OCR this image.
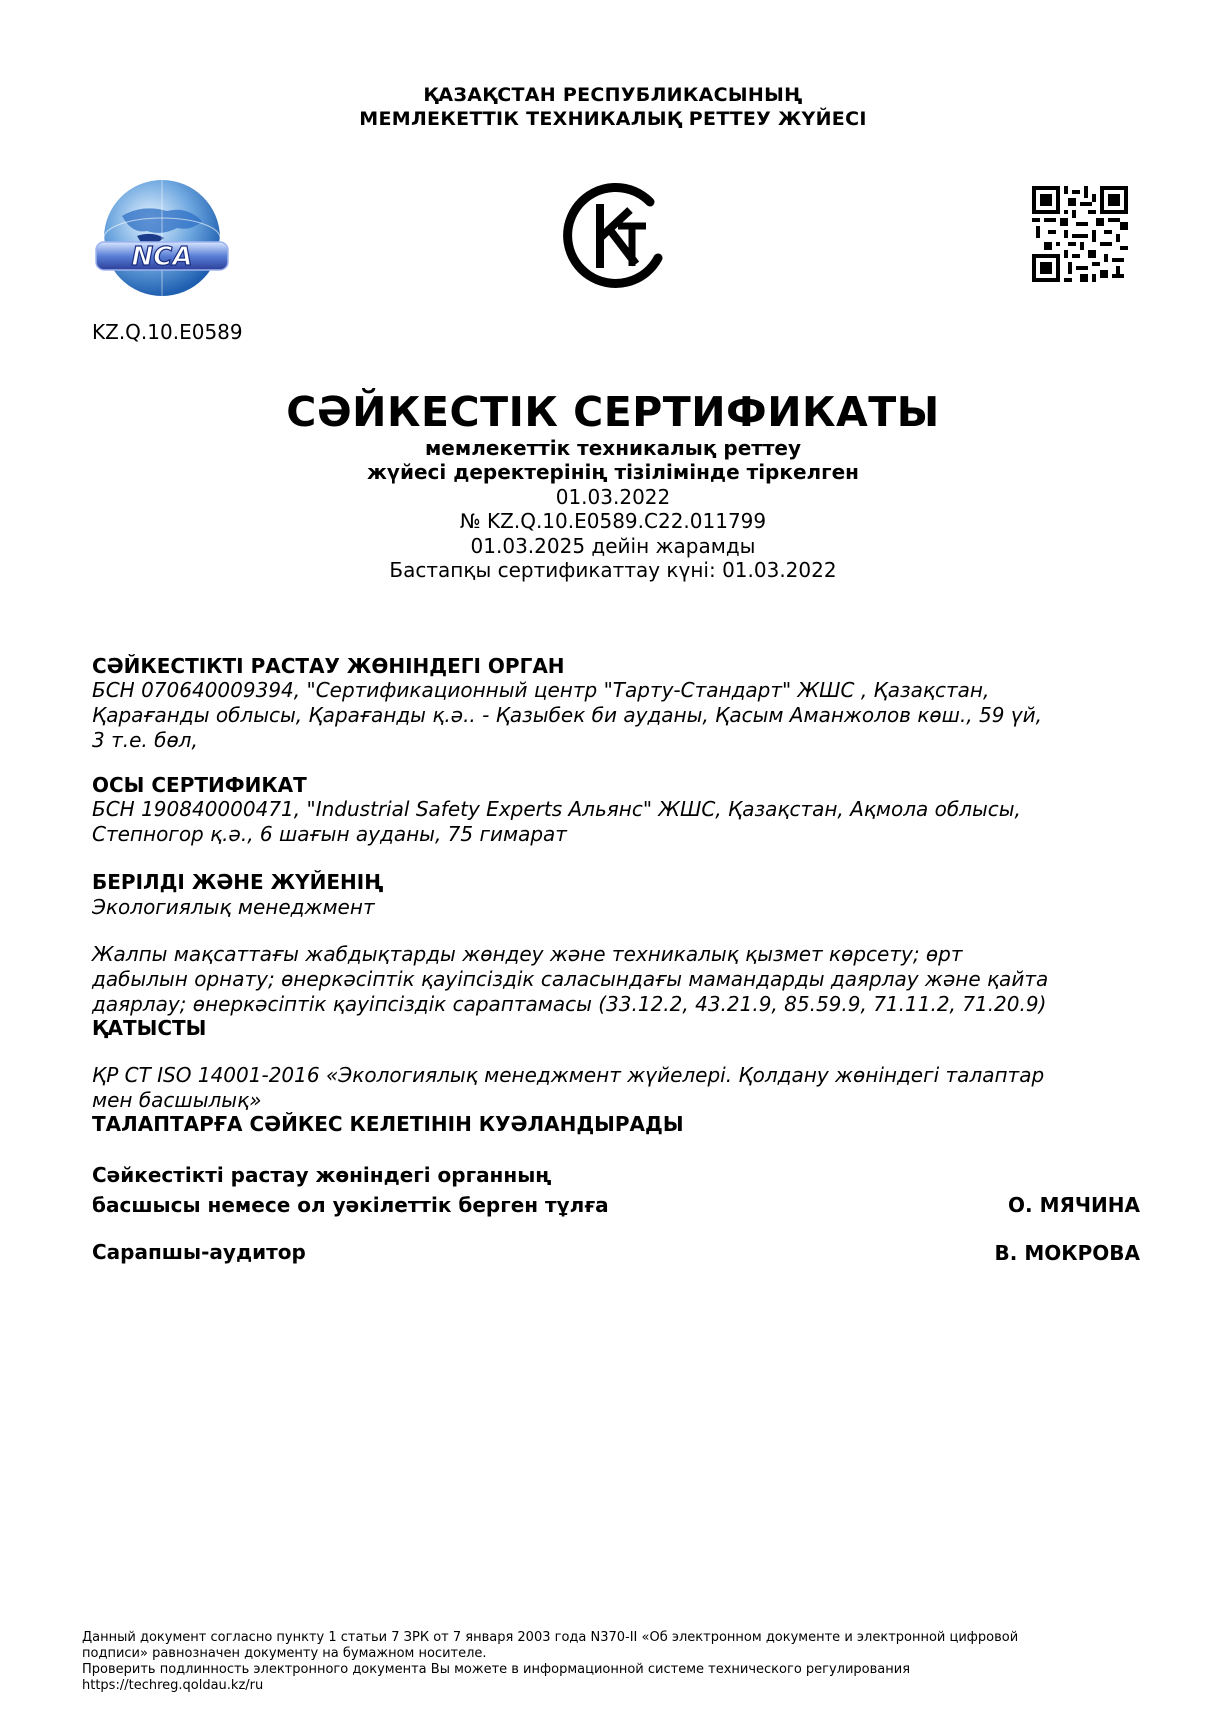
ҚАЗАҚСТАН РЕСПУБЛИКАСЫНЫҢ
МЕМЛЕКЕТТІК ТЕХНИКАЛЫҚ РЕТТЕУ ЖҮЙЕСІ
NCA
KZ.Q.10.E0589
СӘЙКЕСТІК СЕРТИФИКАТЫ
мемлекеттік техникалық реттеу
жүйесі деректерінің тізілімінде тіркелген
01.03.2022
№ KZ.Q.10.E0589.C22.011799
01.03.2025 дейін жарамды
Бастапқы сертификаттау күні: 01.03.2022
СӘЙКЕСТІКТІ РАСТАУ ЖӨНІНДЕГІ ОРГАН
БСН 070640009394, "Сертификационный центр "Тарту-Стандарт" ЖШС , Қазақстан,
Қарағанды облысы, Қарағанды қ.ә.. - Қазыбек би ауданы, Қасым Аманжолов көш., 59 үй,
3 т.е. бөл,
ОСЫ СЕРТИФИКАТ
БСН 190840000471, "Industrial Safety Experts Альянс" ЖШС, Қазақстан, Ақмола облысы,
Степногор қ.ә., 6 шағын ауданы, 75 гимарат
БЕРІЛДІ ЖӘНЕ ЖҮЙЕНІҢ
Экологиялық менеджмент
Жалпы мақсаттағы жабдықтарды жөндеу және техникалық қызмет көрсету; өрт
дабылын орнату; өнеркәсіптік қауіпсіздік саласындағы мамандарды даярлау және қайта
даярлау; өнеркәсіптік қауіпсіздік сараптамасы (33.12.2, 43.21.9, 85.59.9, 71.11.2, 71.20.9)
ҚАТЫСТЫ
ҚР СТ ISO 14001-2016 «Экологиялық менеджмент жүйелері. Қолдану жөніндегі талаптар
мен басшылық»
ТАЛАПТАРҒА СӘЙКЕС КЕЛЕТІНІН КУӘЛАНДЫРАДЫ
Сәйкестікті растау жөніндегі органның
басшысы немесе ол уәкілеттік берген тұлға	О. МЯЧИНА
Сарапшы-аудитор	В. МОКРОВА
Данный документ согласно пункту 1 статьи 7 ЗРК от 7 января 2003 года N370-II «Об электронном документе и электронной цифровой
подписи» равнозначен документу на бумажном носителе.
Проверить подлинность электронного документа Вы можете в информационной системе технического регулирования
https://techreg.qoldau.kz/ru
